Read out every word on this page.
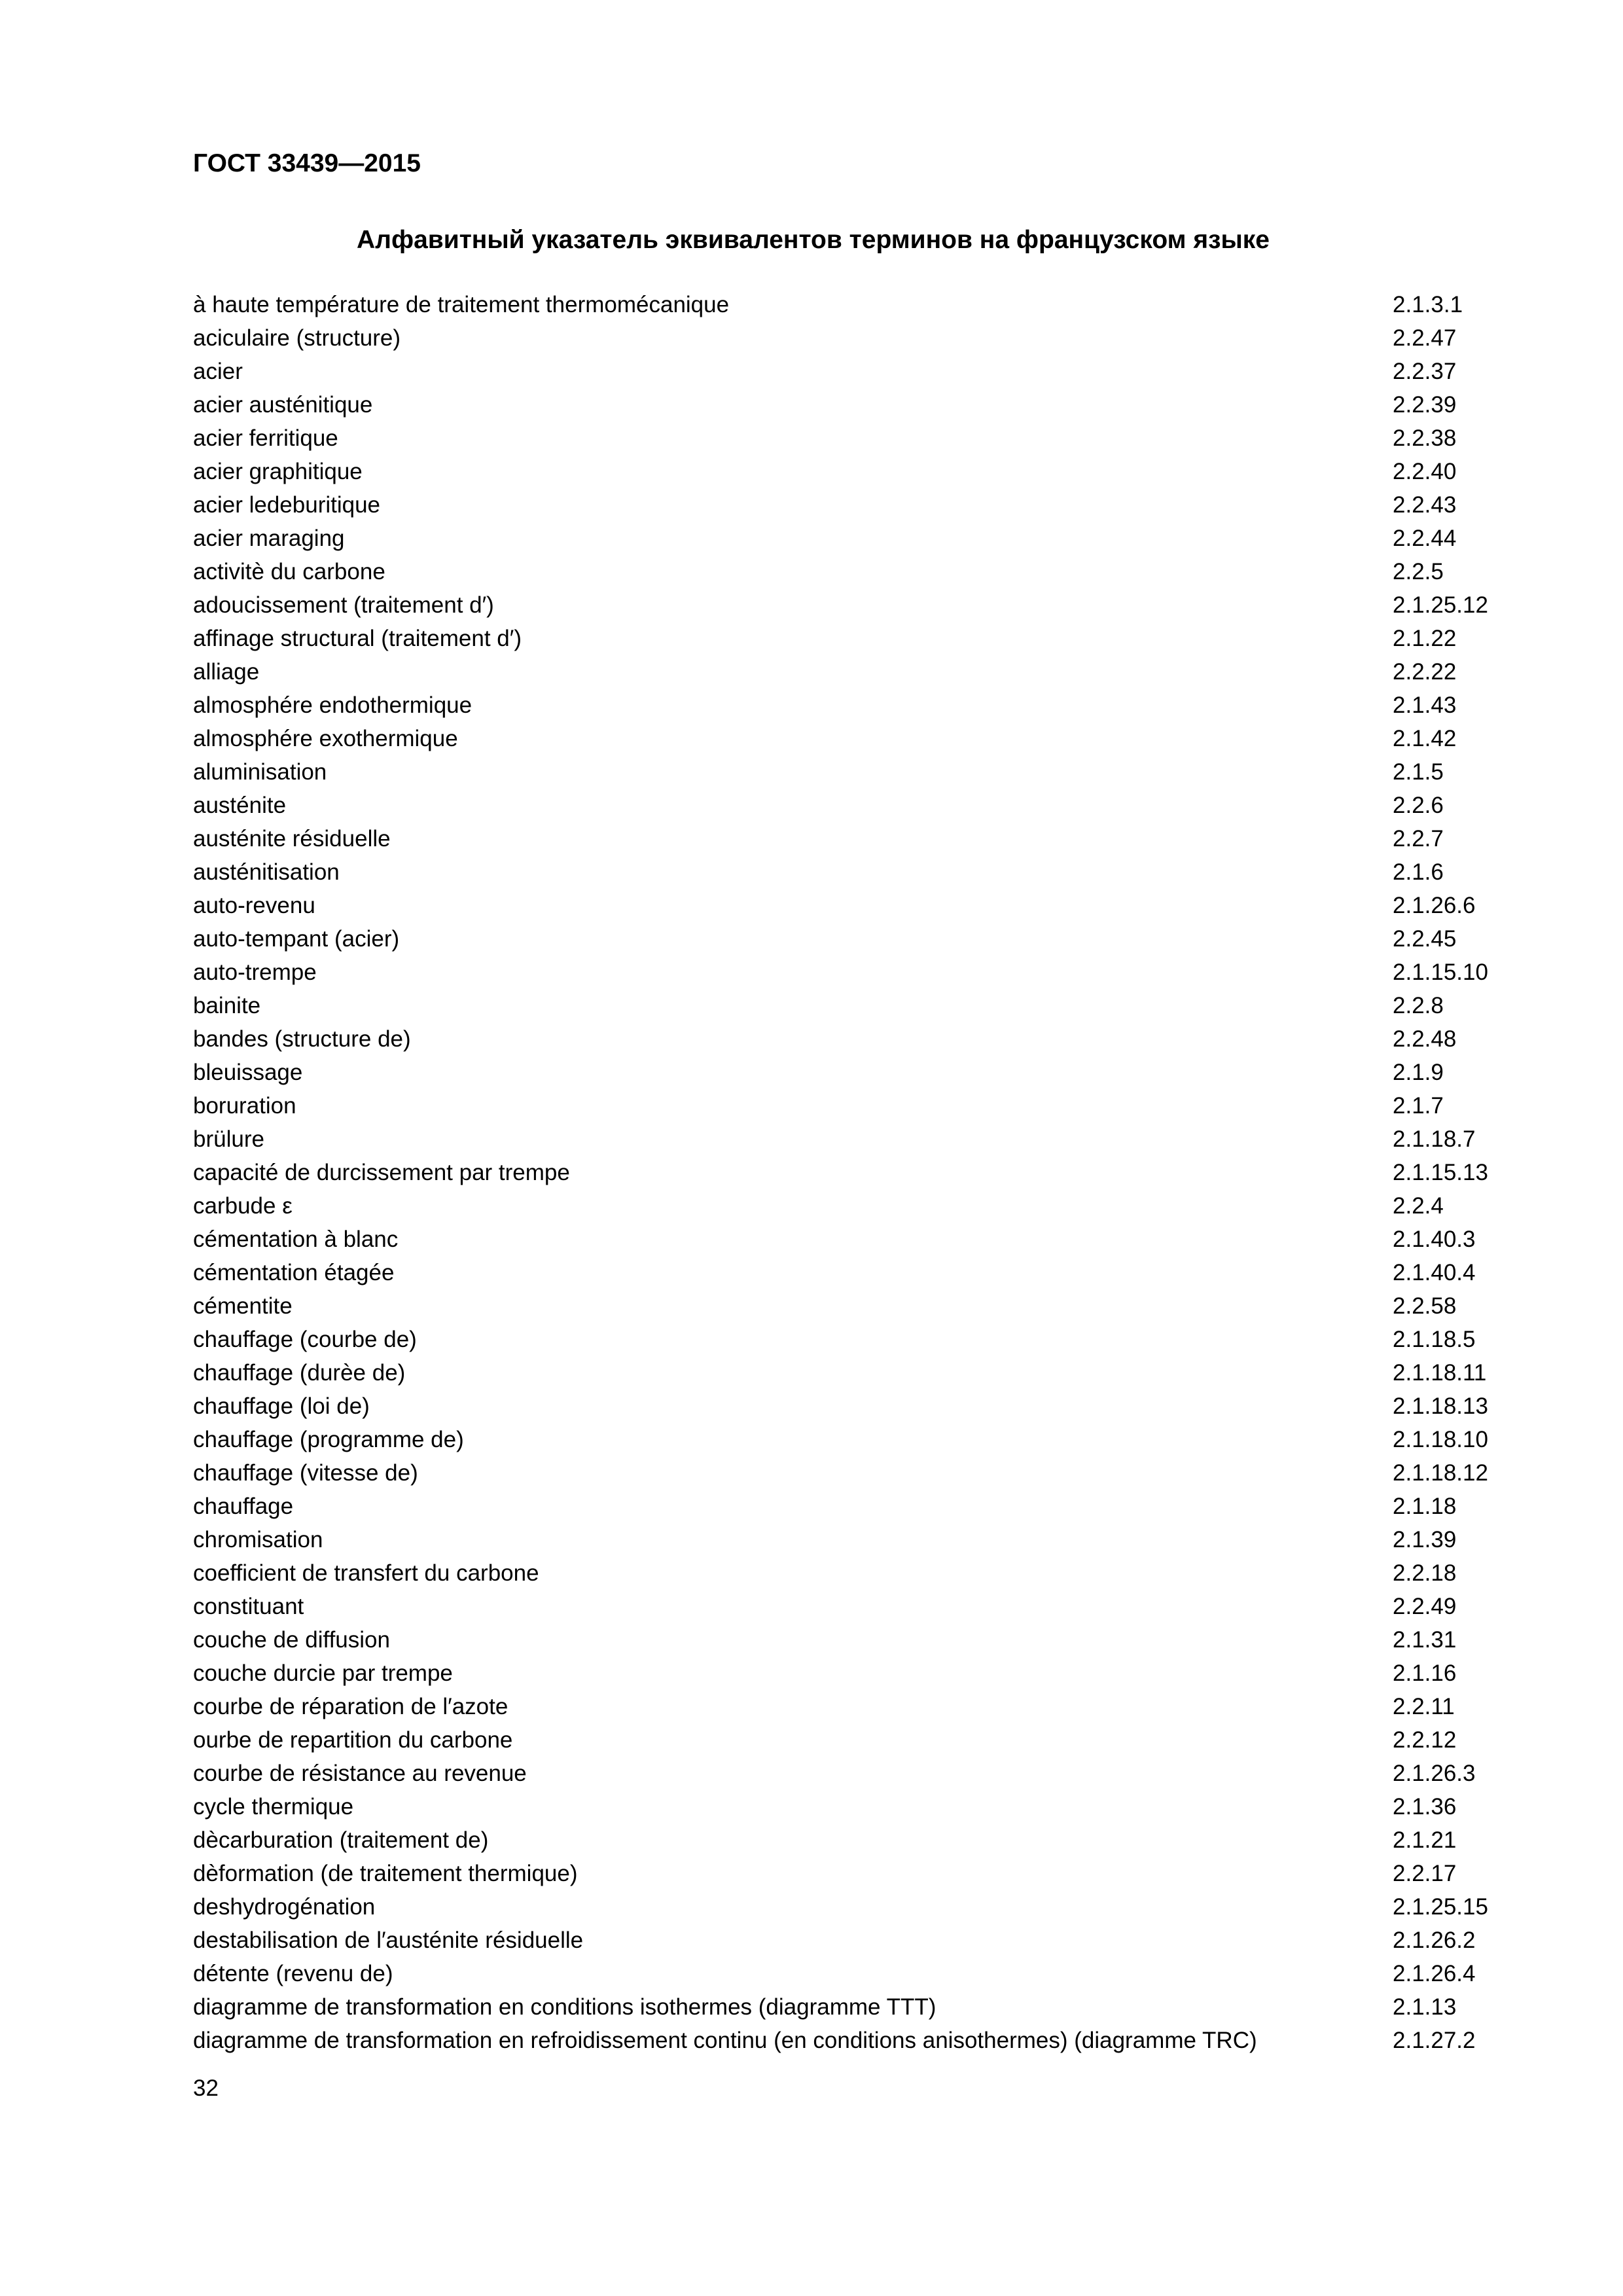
ГОСТ 33439—2015
Алфавитный указатель эквивалентов терминов на французском языке
à haute température de traitement thermomécanique	2.1.3.1
aciculaire (structure)	2.2.47
acier	2.2.37
acier austénitique	2.2.39
acier ferritique	2.2.38
acier graphitique	2.2.40
acier ledeburitique	2.2.43
acier maraging	2.2.44
activitè du carbone	2.2.5
adoucissement (traitement d′)	2.1.25.12
affinage structural (traitement d′)	2.1.22
alliage	2.2.22
almosphére endothermique	2.1.43
almosphére exothermique	2.1.42
aluminisation	2.1.5
austénite	2.2.6
austénite résiduelle	2.2.7
austénitisation	2.1.6
auto-revenu	2.1.26.6
auto-tempant (acier)	2.2.45
auto-trempe	2.1.15.10
bainite	2.2.8
bandes (structure de)	2.2.48
bleuissage	2.1.9
boruration	2.1.7
brülure	2.1.18.7
capacité de durcissement par trempe	2.1.15.13
carbude ε	2.2.4
cémentation à blanc	2.1.40.3
cémentation étagée	2.1.40.4
cémentite	2.2.58
chauffage (courbe de)	2.1.18.5
chauffage (durèe de)	2.1.18.11
chauffage (loi de)	2.1.18.13
chauffage (programme de)	2.1.18.10
chauffage (vitesse de)	2.1.18.12
chauffage	2.1.18
chromisation	2.1.39
coefficient de transfert du carbone	2.2.18
constituant	2.2.49
couche de diffusion	2.1.31
couche durcie par trempe	2.1.16
courbe de réparation de l′azote	2.2.11
ourbe de repartition du carbone	2.2.12
courbe de résistance au revenue	2.1.26.3
cycle thermique	2.1.36
dècarburation (traitement de)	2.1.21
dèformation (de traitement thermique)	2.2.17
deshydrogénation	2.1.25.15
destabilisation de l′austénite résiduelle	2.1.26.2
détente (revenu de)	2.1.26.4
diagramme de transformation en conditions isothermes (diagramme TTT)	2.1.13
diagramme de transformation en refroidissement continu (en conditions anisothermes) (diagramme TRC)	2.1.27.2
32
